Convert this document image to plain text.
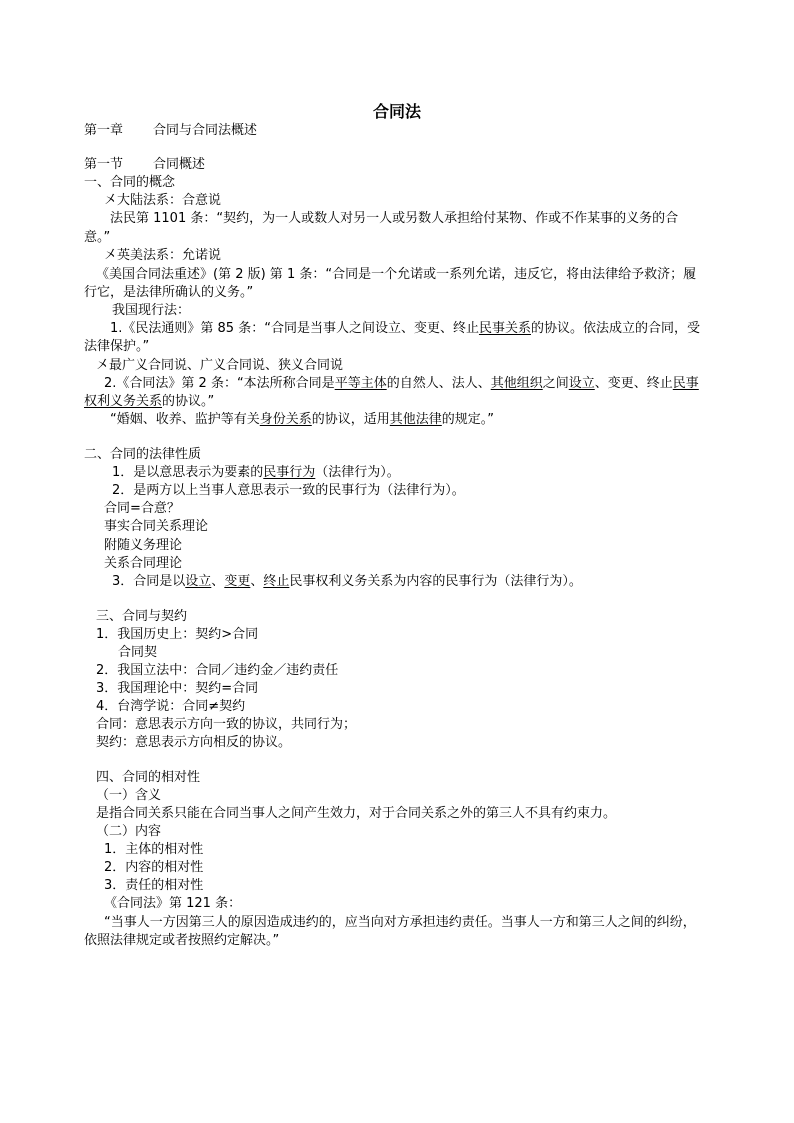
合同法
第一章 合同与合同法概述
第一节 合同概述
一、合同的概念
㐅大陆法系：合意说
法民第 1101 条：“契约，为一人或数人对另一人或另数人承担给付某物、作或不作某事的义务的合
意。”
㐅英美法系：允诺说
《美国合同法重述》(第 2 版) 第 1 条：“合同是一个允诺或一系列允诺，违反它，将由法律给予救济；履
行它，是法律所确认的义务。”
我国现行法：
1.《民法通则》第 85 条：“合同是当事人之间设立、变更、终止民事关系的协议。依法成立的合同，受
法律保护。”
㐅最广义合同说、广义合同说、狭义合同说
2.《合同法》第 2 条：“本法所称合同是平等主体的自然人、法人、其他组织之间设立、变更、终止民事
权利义务关系的协议。”
“婚姻、收养、监护等有关身份关系的协议，适用其他法律的规定。”
二、合同的法律性质
1．是以意思表示为要素的民事行为（法律行为）。
2．是两方以上当事人意思表示一致的民事行为（法律行为）。
合同=合意？
事实合同关系理论
附随义务理论
关系合同理论
3．合同是以设立、变更、终止民事权利义务关系为内容的民事行为（法律行为）。
三、合同与契约
1．我国历史上：契约>合同
合同契
2．我国立法中：合同／违约金／违约责任
3．我国理论中：契约=合同
4．台湾学说：合同≠契约
合同：意思表示方向一致的协议，共同行为；
契约：意思表示方向相反的协议。
四、合同的相对性
（一）含义
是指合同关系只能在合同当事人之间产生效力，对于合同关系之外的第三人不具有约束力。
（二）内容
1．主体的相对性
2．内容的相对性
3．责任的相对性
《合同法》第 121 条：
“当事人一方因第三人的原因造成违约的，应当向对方承担违约责任。当事人一方和第三人之间的纠纷，
依照法律规定或者按照约定解决。”
